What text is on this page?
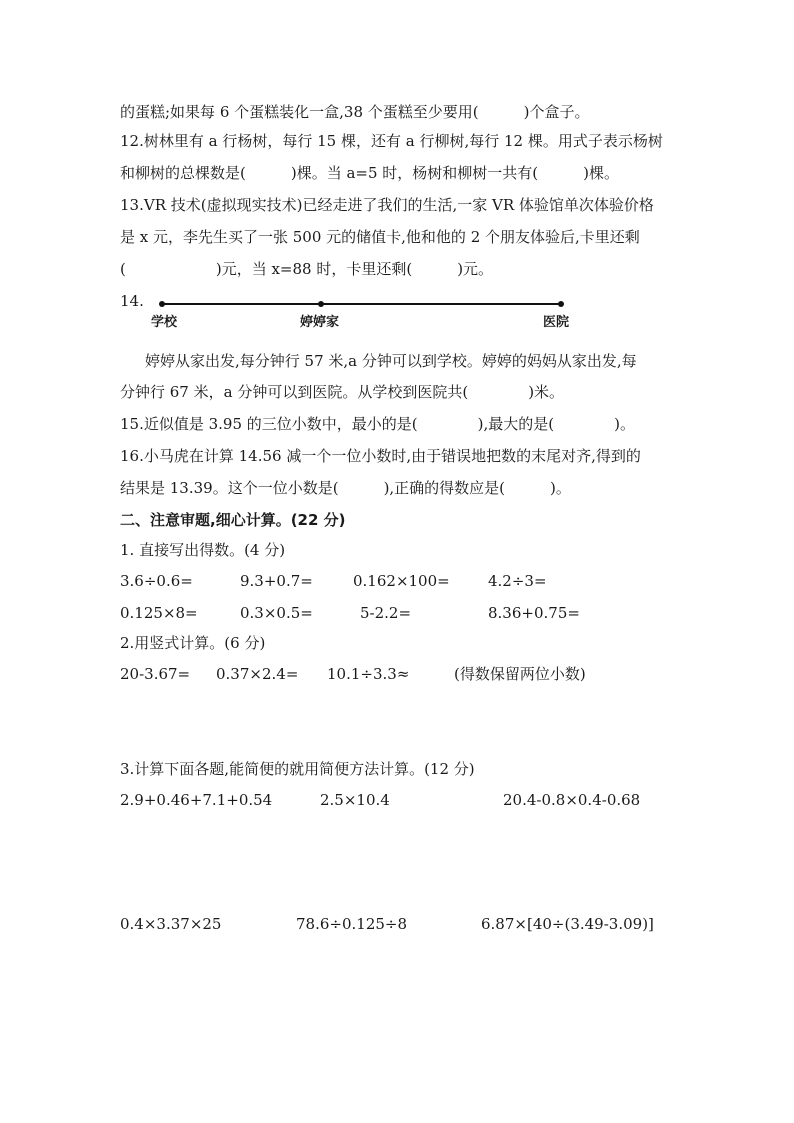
的蛋糕;如果每 6 个蛋糕装化一盒,38 个蛋糕至少要用(　　　)个盒子。
12.树林里有 a 行杨树，每行 15 棵，还有 a 行柳树,每行 12 棵。用式子表示杨树
和柳树的总棵数是(　　　)棵。当 a=5 时，杨树和柳树一共有(　　　)棵。
13.VR 技术(虚拟现实技术)已经走进了我们的生活,一家 VR 体验馆单次体验价格
是 x 元，李先生买了一张 500 元的储值卡,他和他的 2 个朋友体验后,卡里还剩
(　　　　　　)元，当 x=88 时，卡里还剩(　　　)元。
14.
学校	婷婷家	医院
婷婷从家出发,每分钟行 57 米,a 分钟可以到学校。婷婷的妈妈从家出发,每
分钟行 67 米，a 分钟可以到医院。从学校到医院共(　　　　)米。
15.近似值是 3.95 的三位小数中，最小的是(　　　　),最大的是(　　　　)。
16.小马虎在计算 14.56 减一个一位小数时,由于错误地把数的末尾对齐,得到的
结果是 13.39。这个一位小数是(　　　),正确的得数应是(　　　)。
二、注意审题,细心计算。(22 分)
1. 直接写出得数。(4 分)
3.6÷0.6=	9.3+0.7=	0.162×100=	4.2÷3=
0.125×8=	0.3×0.5=	5-2.2=	8.36+0.75=
2.用竖式计算。(6 分)
20-3.67= 0.37×2.4= 10.1÷3.3≈	(得数保留两位小数)
3.计算下面各题,能简便的就用简便方法计算。(12 分)
2.9+0.46+7.1+0.54	2.5×10.4	20.4-0.8×0.4-0.68
0.4×3.37×25	78.6÷0.125÷8	6.87×[40÷(3.49-3.09)]
